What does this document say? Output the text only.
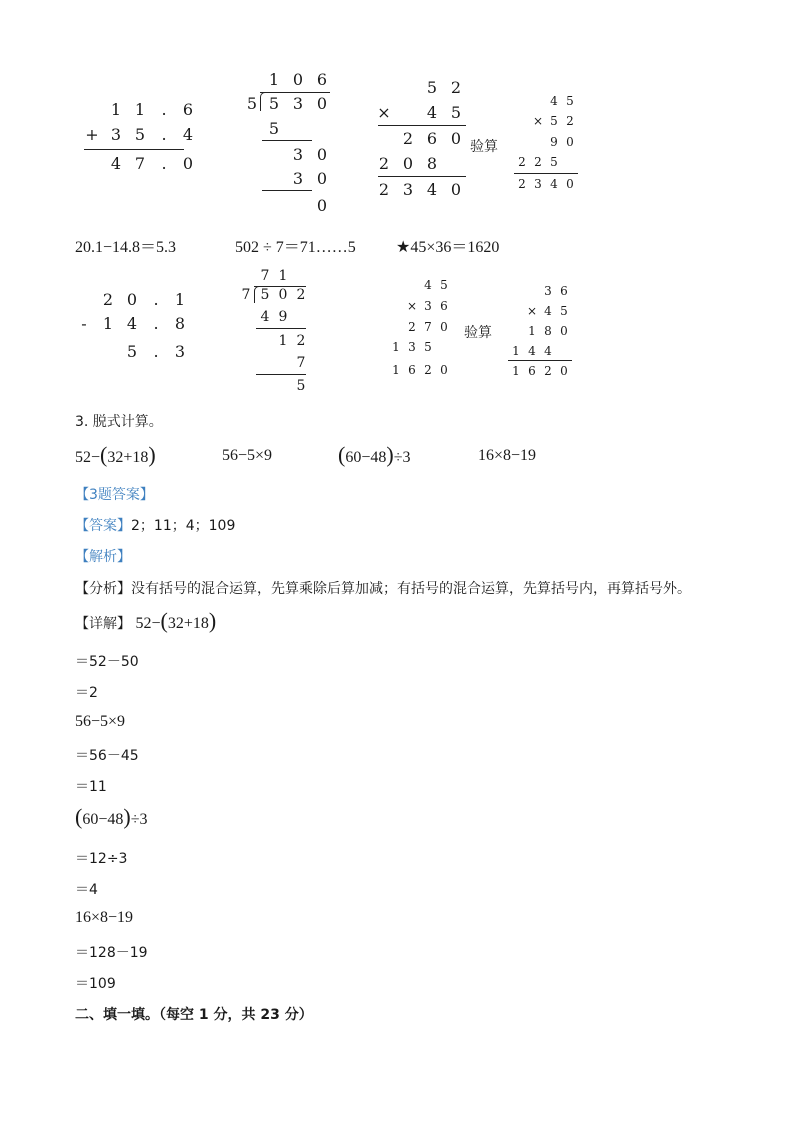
1 1	.	6
+ 3 5	.	4
4 7	.	0
1 0 6
5 5 3 0
5
3 0
3 0
0
5 2
×	4 5
2 6 0
2 0 8
2 3 4 0
验算
4 5
× 5 2
9 0
2 2 5
2 3 4 0
20.1−14.8＝5.3	502 ÷ 7＝71……5	★45×36＝1620
2 0	.	1
-	1 4	.	8
5	.	3
7 1
7 5 0 2
4 9
1 2
7
5
4 5
× 3 6
2 7 0
1 3 5
1 6 2 0
验算
3 6
× 4 5
1 8 0
1 4 4
1 6 2 0
3. 脱式计算。
52−(32+18)	56−5×9	(60−48)÷3	16×8−19
【3题答案】
【答案】2；11；4；109
【解析】
【分析】没有括号的混合运算，先算乘除后算加减；有括号的混合运算，先算括号内，再算括号外。
【详解】 52−(32+18)
＝52－50
＝2
56−5×9
＝56－45
＝11
(60−48)÷3
＝12÷3
＝4
16×8−19
＝128－19
＝109
二、填一填。（每空 1 分，共 23 分）
